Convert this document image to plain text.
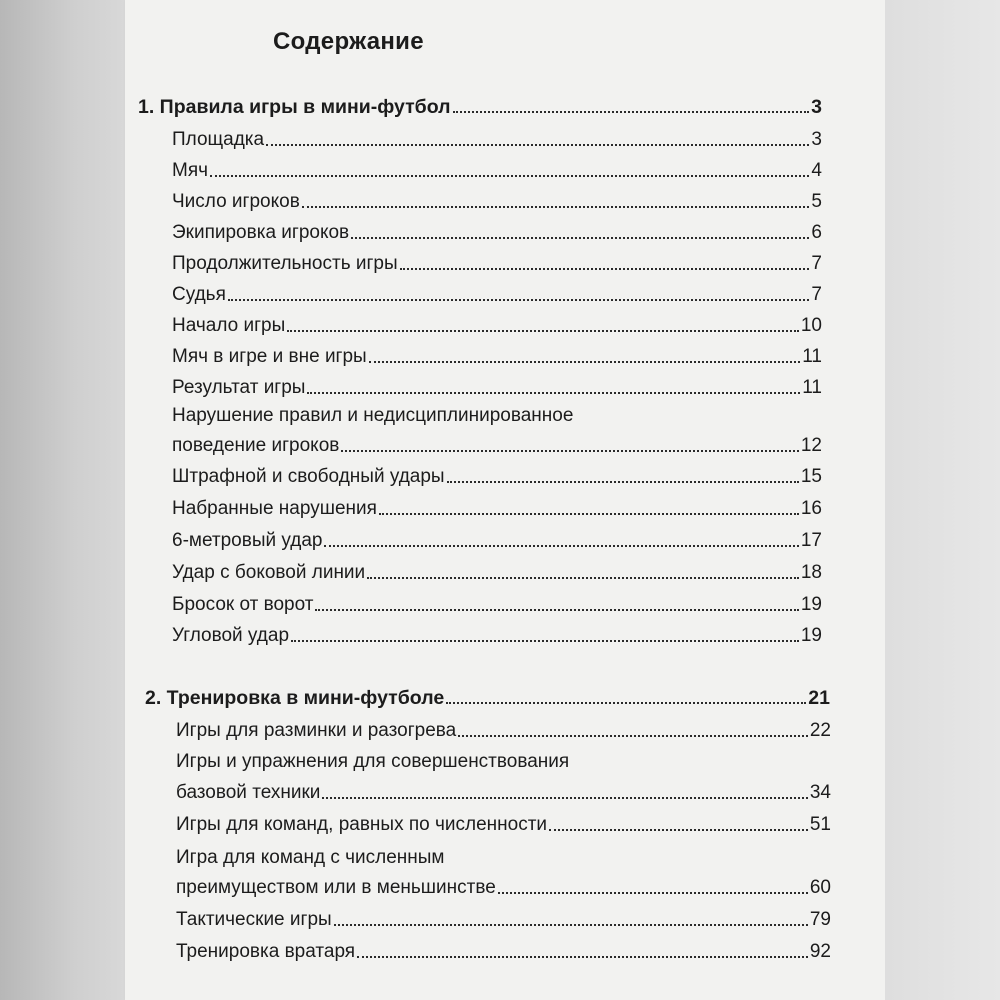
Содержание
1. Правила игры в мини-футбол	3
Площадка	3
Мяч	4
Число игроков	5
Экипировка игроков	6
Продолжительность игры	7
Судья	7
Начало игры	10
Мяч в игре и вне игры	11
Результат игры	11
Нарушение правил и недисциплинированное
поведение игроков	12
Штрафной и свободный удары	15
Набранные нарушения	16
6-метровый удар	17
Удар с боковой линии	18
Бросок от ворот	19
Угловой удар	19
2. Тренировка в мини-футболе	21
Игры для разминки и разогрева	22
Игры и упражнения для совершенствования
базовой техники	34
Игры для команд, равных по численности	51
Игра для команд с численным
преимуществом или в меньшинстве	60
Тактические игры	79
Тренировка вратаря	92
